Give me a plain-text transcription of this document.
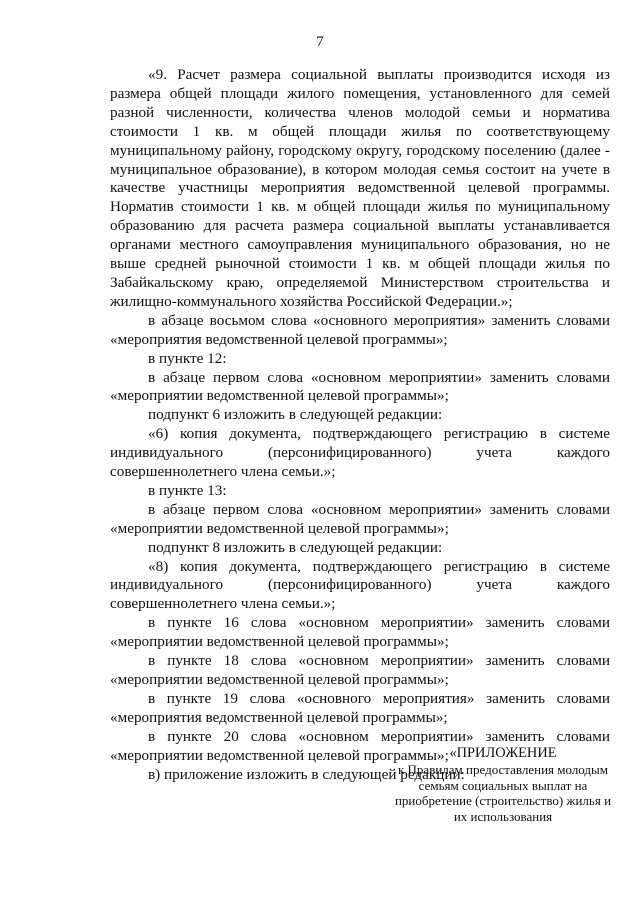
7

«9. Расчет размера социальной выплаты производится исходя из размера общей площади жилого помещения, установленного для семей разной численности, количества членов молодой семьи и норматива стоимости 1 кв. м общей площади жилья по соответствующему муниципальному району, городскому округу, городскому поселению (далее - муниципальное образование), в котором молодая семья состоит на учете в качестве участницы мероприятия ведомственной целевой программы. Норматив стоимости 1 кв. м общей площади жилья по муниципальному образованию для расчета размера социальной выплаты устанавливается органами местного самоуправления муниципального образования, но не выше средней рыночной стоимости 1 кв. м общей площади жилья по Забайкальскому краю, определяемой Министерством строительства и жилищно-коммунального хозяйства Российской Федерации.»;

в абзаце восьмом слова «основного мероприятия» заменить словами «мероприятия ведомственной целевой программы»;

в пункте 12:

в абзаце первом слова «основном мероприятии» заменить словами «мероприятии ведомственной целевой программы»;

подпункт 6 изложить в следующей редакции:

«6) копия документа, подтверждающего регистрацию в системе индивидуального (персонифицированного) учета каждого совершеннолетнего члена семьи.»;

в пункте 13:

в абзаце первом слова «основном мероприятии» заменить словами «мероприятии ведомственной целевой программы»;

подпункт 8 изложить в следующей редакции:

«8) копия документа, подтверждающего регистрацию в системе индивидуального (персонифицированного) учета каждого совершеннолетнего члена семьи.»;

в пункте 16 слова «основном мероприятии» заменить словами «мероприятии ведомственной целевой программы»;

в пункте 18 слова «основном мероприятии» заменить словами «мероприятии ведомственной целевой программы»;

в пункте 19 слова «основного мероприятия» заменить словами «мероприятия ведомственной целевой программы»;

в пункте 20 слова «основном мероприятии» заменить словами «мероприятии ведомственной целевой программы»;

в) приложение изложить в следующей редакции:

«ПРИЛОЖЕНИЕ
к Правилам предоставления молодым
семьям социальных выплат на
приобретение (строительство) жилья и
их использования
